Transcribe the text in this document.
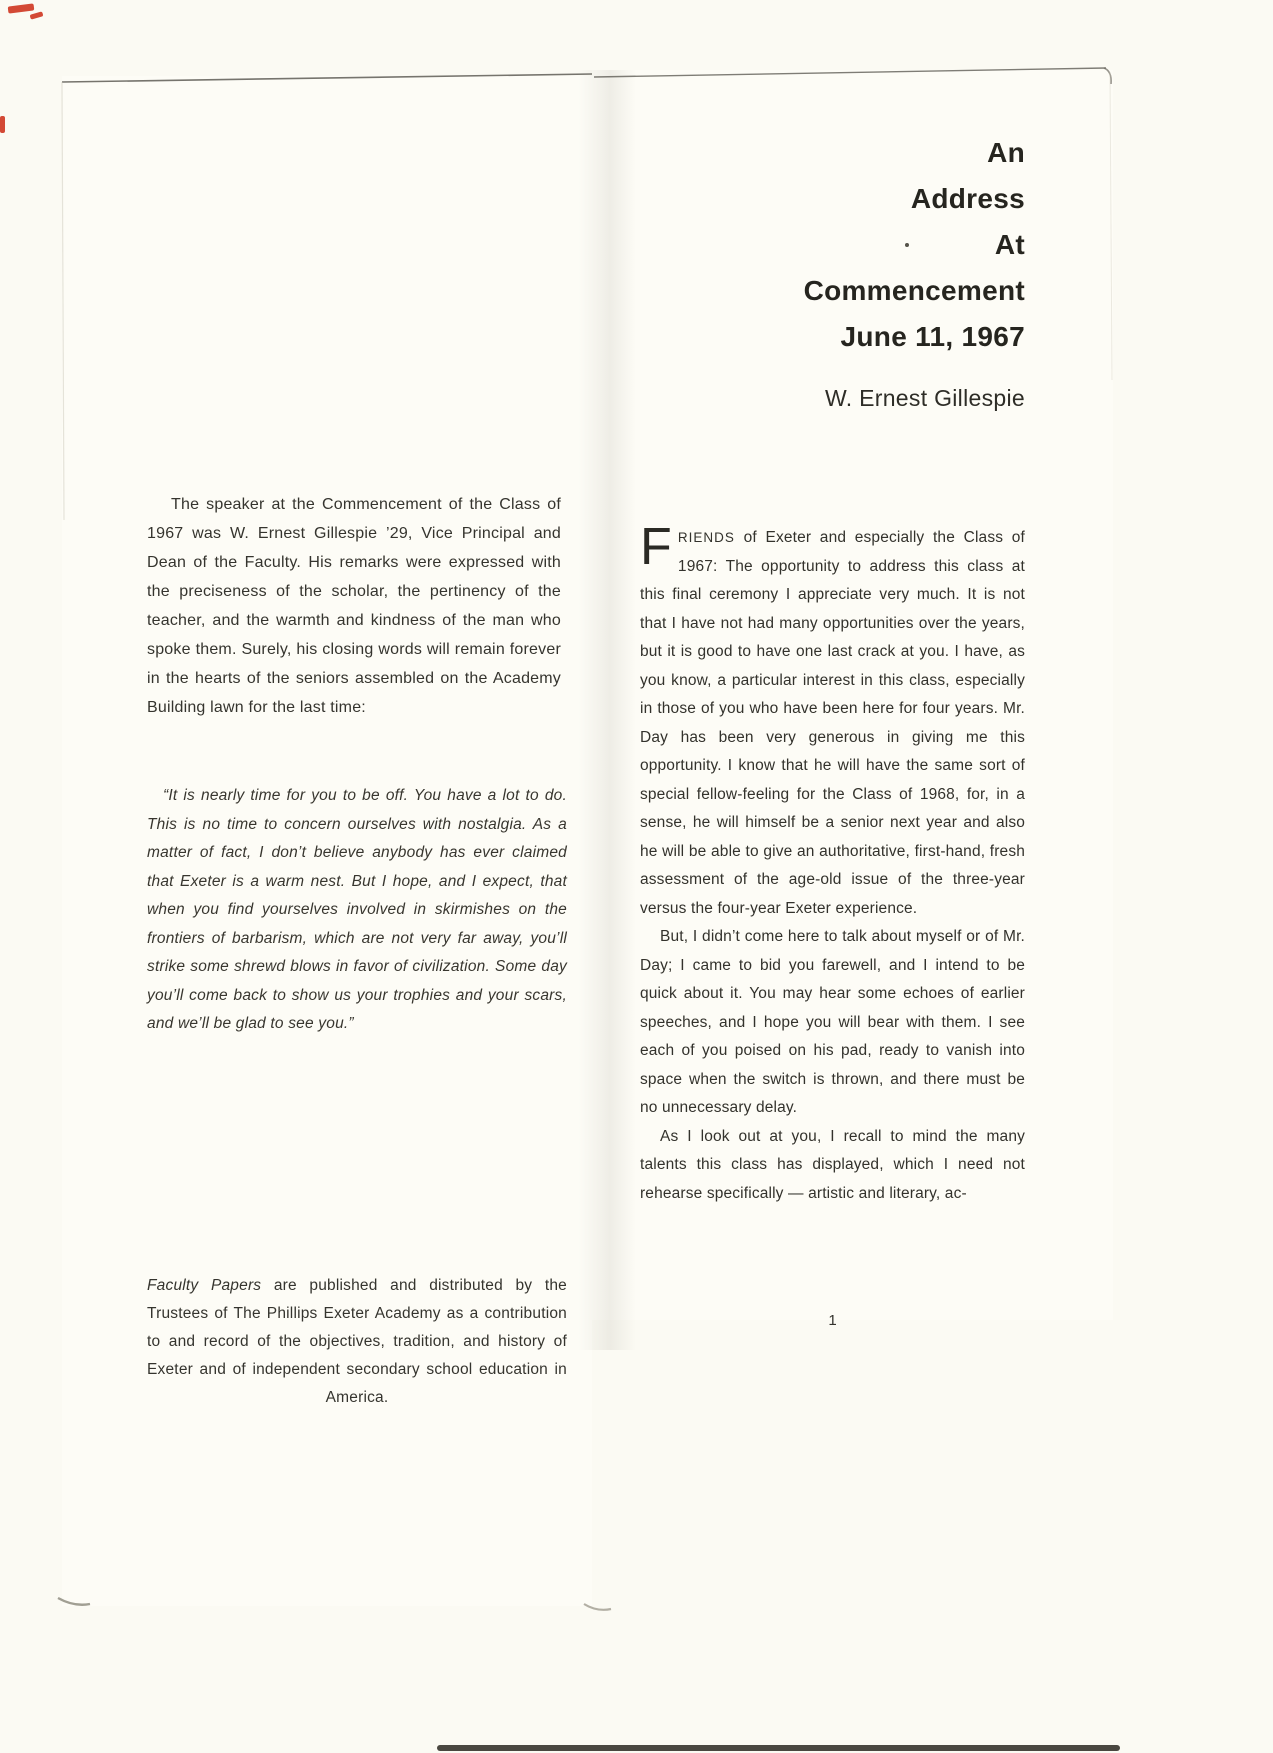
The speaker at the Commencement of the Class of 1967 was W. Ernest Gillespie ’29, Vice Principal and Dean of the Faculty. His remarks were expressed with the preciseness of the scholar, the pertinency of the teacher, and the warmth and kindness of the man who spoke them. Surely, his closing words will remain forever in the hearts of the seniors assembled on the Academy Building lawn for the last time:

“It is nearly time for you to be off. You have a lot to do. This is no time to concern ourselves with nostalgia. As a matter of fact, I don’t believe anybody has ever claimed that Exeter is a warm nest. But I hope, and I expect, that when you find yourselves involved in skirmishes on the frontiers of barbarism, which are not very far away, you’ll strike some shrewd blows in favor of civilization. Some day you’ll come back to show us your trophies and your scars, and we’ll be glad to see you.”

Faculty Papers are published and distributed by the Trustees of The Phillips Exeter Academy as a contribution to and record of the objectives, tradition, and history of Exeter and of independent secondary school education in America.

An
Address
At
Commencement
June 11, 1967
W. Ernest Gillespie

FRIENDS of Exeter and especially the Class of 1967: The opportunity to address this class at this final ceremony I appreciate very much. It is not that I have not had many opportunities over the years, but it is good to have one last crack at you. I have, as you know, a particular interest in this class, especially in those of you who have been here for four years. Mr. Day has been very generous in giving me this opportunity. I know that he will have the same sort of special fellow-feeling for the Class of 1968, for, in a sense, he will himself be a senior next year and also he will be able to give an authoritative, first-hand, fresh assessment of the age-old issue of the three-year versus the four-year Exeter experience.

But, I didn’t come here to talk about myself or of Mr. Day; I came to bid you farewell, and I intend to be quick about it. You may hear some echoes of earlier speeches, and I hope you will bear with them. I see each of you poised on his pad, ready to vanish into space when the switch is thrown, and there must be no unnecessary delay.

As I look out at you, I recall to mind the many talents this class has displayed, which I need not rehearse specifically — artistic and literary, ac-

1
